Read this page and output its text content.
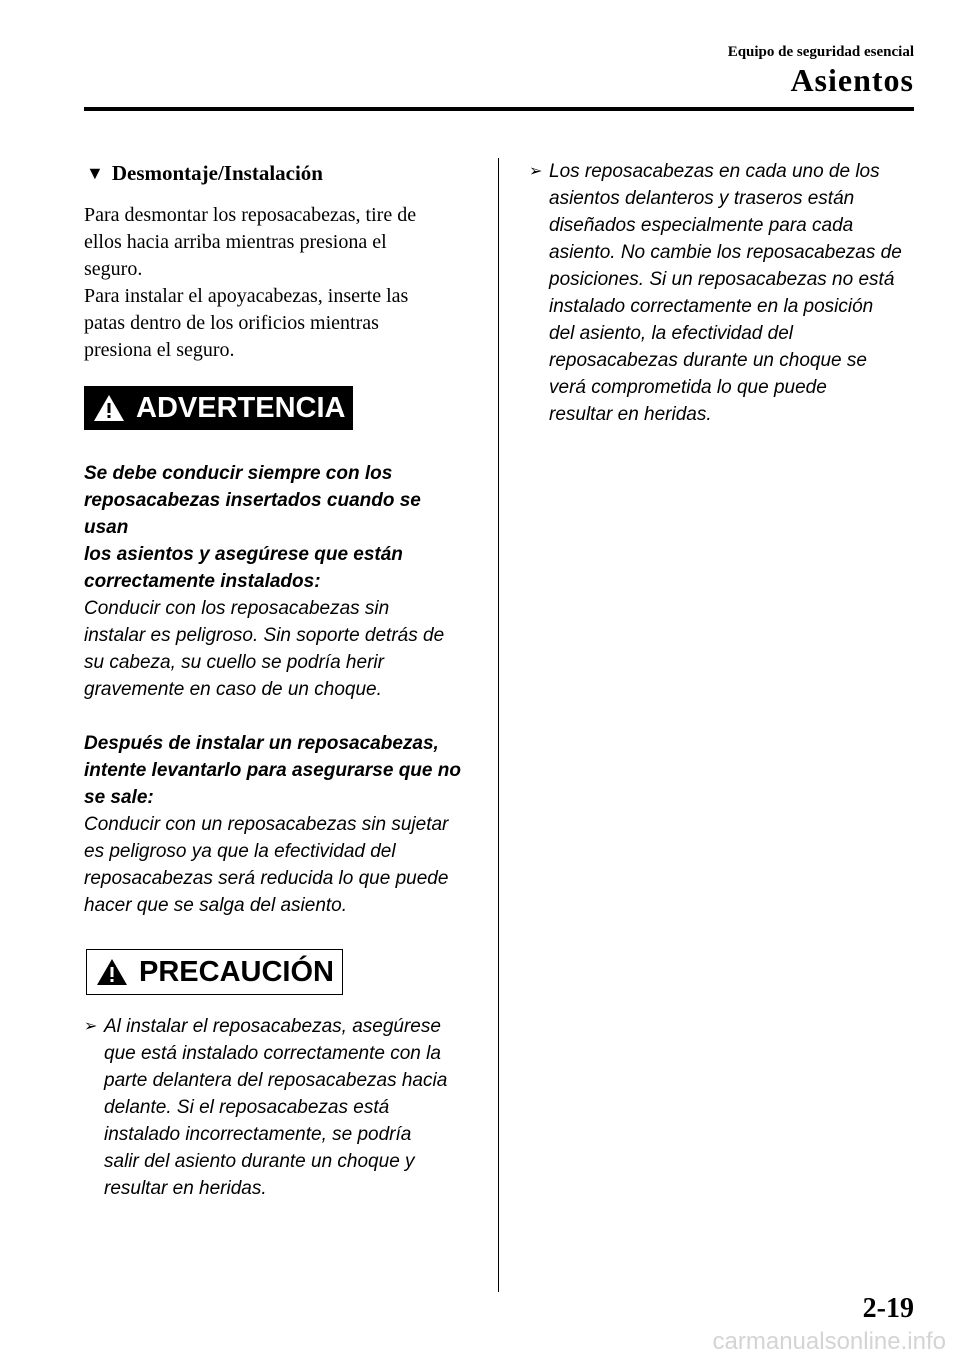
Equipo de seguridad esencial
Asientos
▼ Desmontaje/Instalación

Para desmontar los reposacabezas, tire de

ellos hacia arriba mientras presiona el

seguro.

Para instalar el apoyacabezas, inserte las

patas dentro de los orificios mientras

presiona el seguro.

ADVERTENCIA

Se debe conducir siempre con los

reposacabezas insertados cuando se usan

los asientos y asegúrese que están

correctamente instalados:

Conducir con los reposacabezas sin

instalar es peligroso. Sin soporte detrás de

su cabeza, su cuello se podría herir

gravemente en caso de un choque.

Después de instalar un reposacabezas,

intente levantarlo para asegurarse que no

se sale:

Conducir con un reposacabezas sin sujetar

es peligroso ya que la efectividad del

reposacabezas será reducida lo que puede

hacer que se salga del asiento.

PRECAUCIÓN
➢ Al instalar el reposacabezas, asegúrese
que está instalado correctamente con la
parte delantera del reposacabezas hacia
delante. Si el reposacabezas está
instalado incorrectamente, se podría
salir del asiento durante un choque y
resultar en heridas.
➢ Los reposacabezas en cada uno de los
asientos delanteros y traseros están
diseñados especialmente para cada
asiento. No cambie los reposacabezas de
posiciones. Si un reposacabezas no está
instalado correctamente en la posición
del asiento, la efectividad del
reposacabezas durante un choque se
verá comprometida lo que puede
resultar en heridas.
2-19
carmanualsonline.info
